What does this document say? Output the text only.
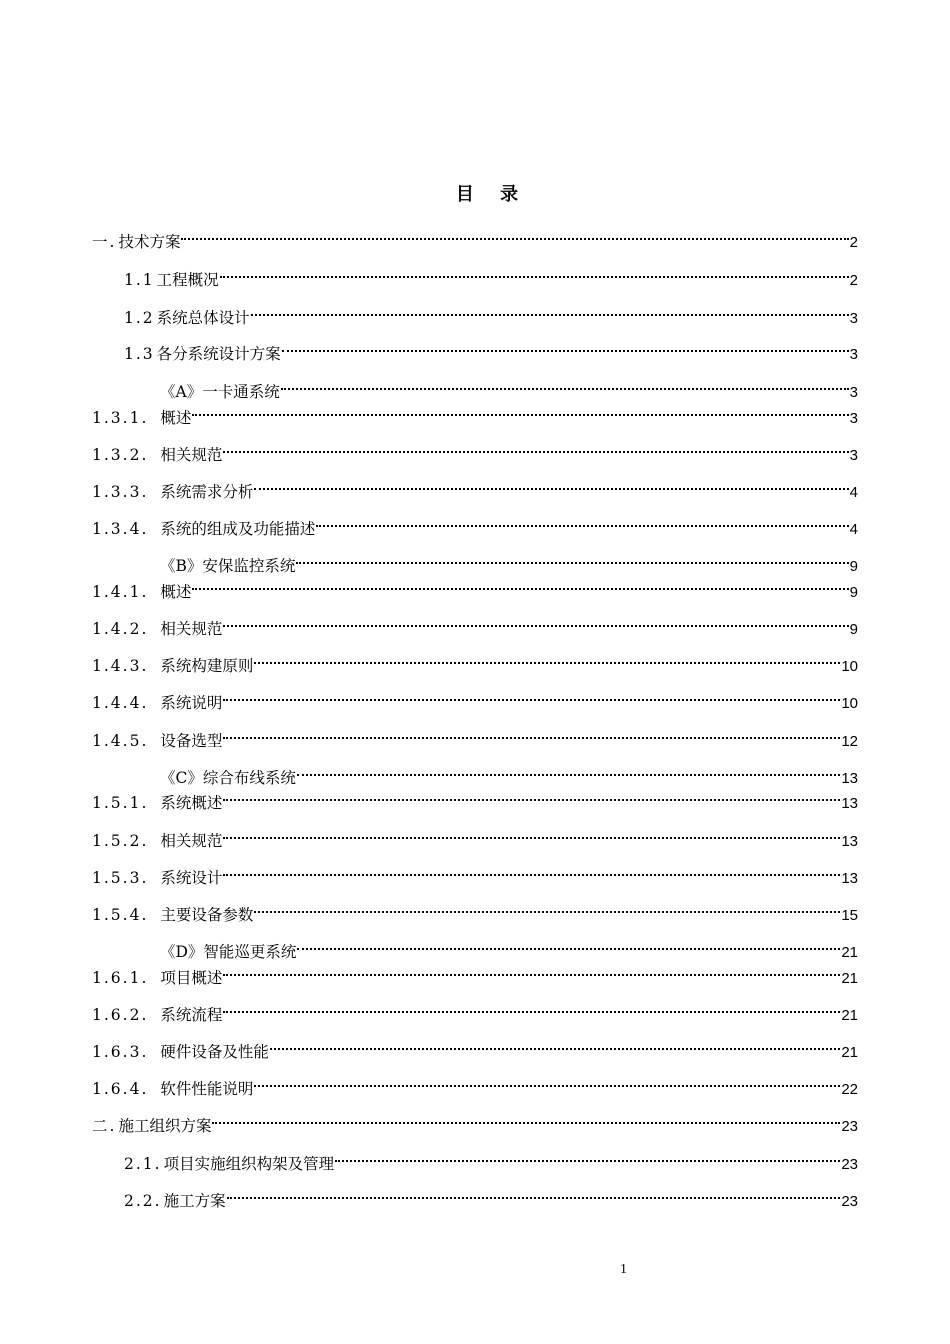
目 录
一. 技术方案	2
1.1 工程概况	2
1.2 系统总体设计	3
1.3 各分系统设计方案	3
《A》一卡通系统	3
1.3.1. 概述	3
1.3.2. 相关规范	3
1.3.3. 系统需求分析	4
1.3.4. 系统的组成及功能描述	4
《B》安保监控系统	9
1.4.1. 概述	9
1.4.2. 相关规范	9
1.4.3. 系统构建原则	10
1.4.4. 系统说明	10
1.4.5. 设备选型	12
《C》综合布线系统	13
1.5.1. 系统概述	13
1.5.2. 相关规范	13
1.5.3. 系统设计	13
1.5.4. 主要设备参数	15
《D》智能巡更系统	21
1.6.1. 项目概述	21
1.6.2. 系统流程	21
1.6.3. 硬件设备及性能	21
1.6.4. 软件性能说明	22
二. 施工组织方案	23
2.1. 项目实施组织构架及管理	23
2.2. 施工方案	23
1
